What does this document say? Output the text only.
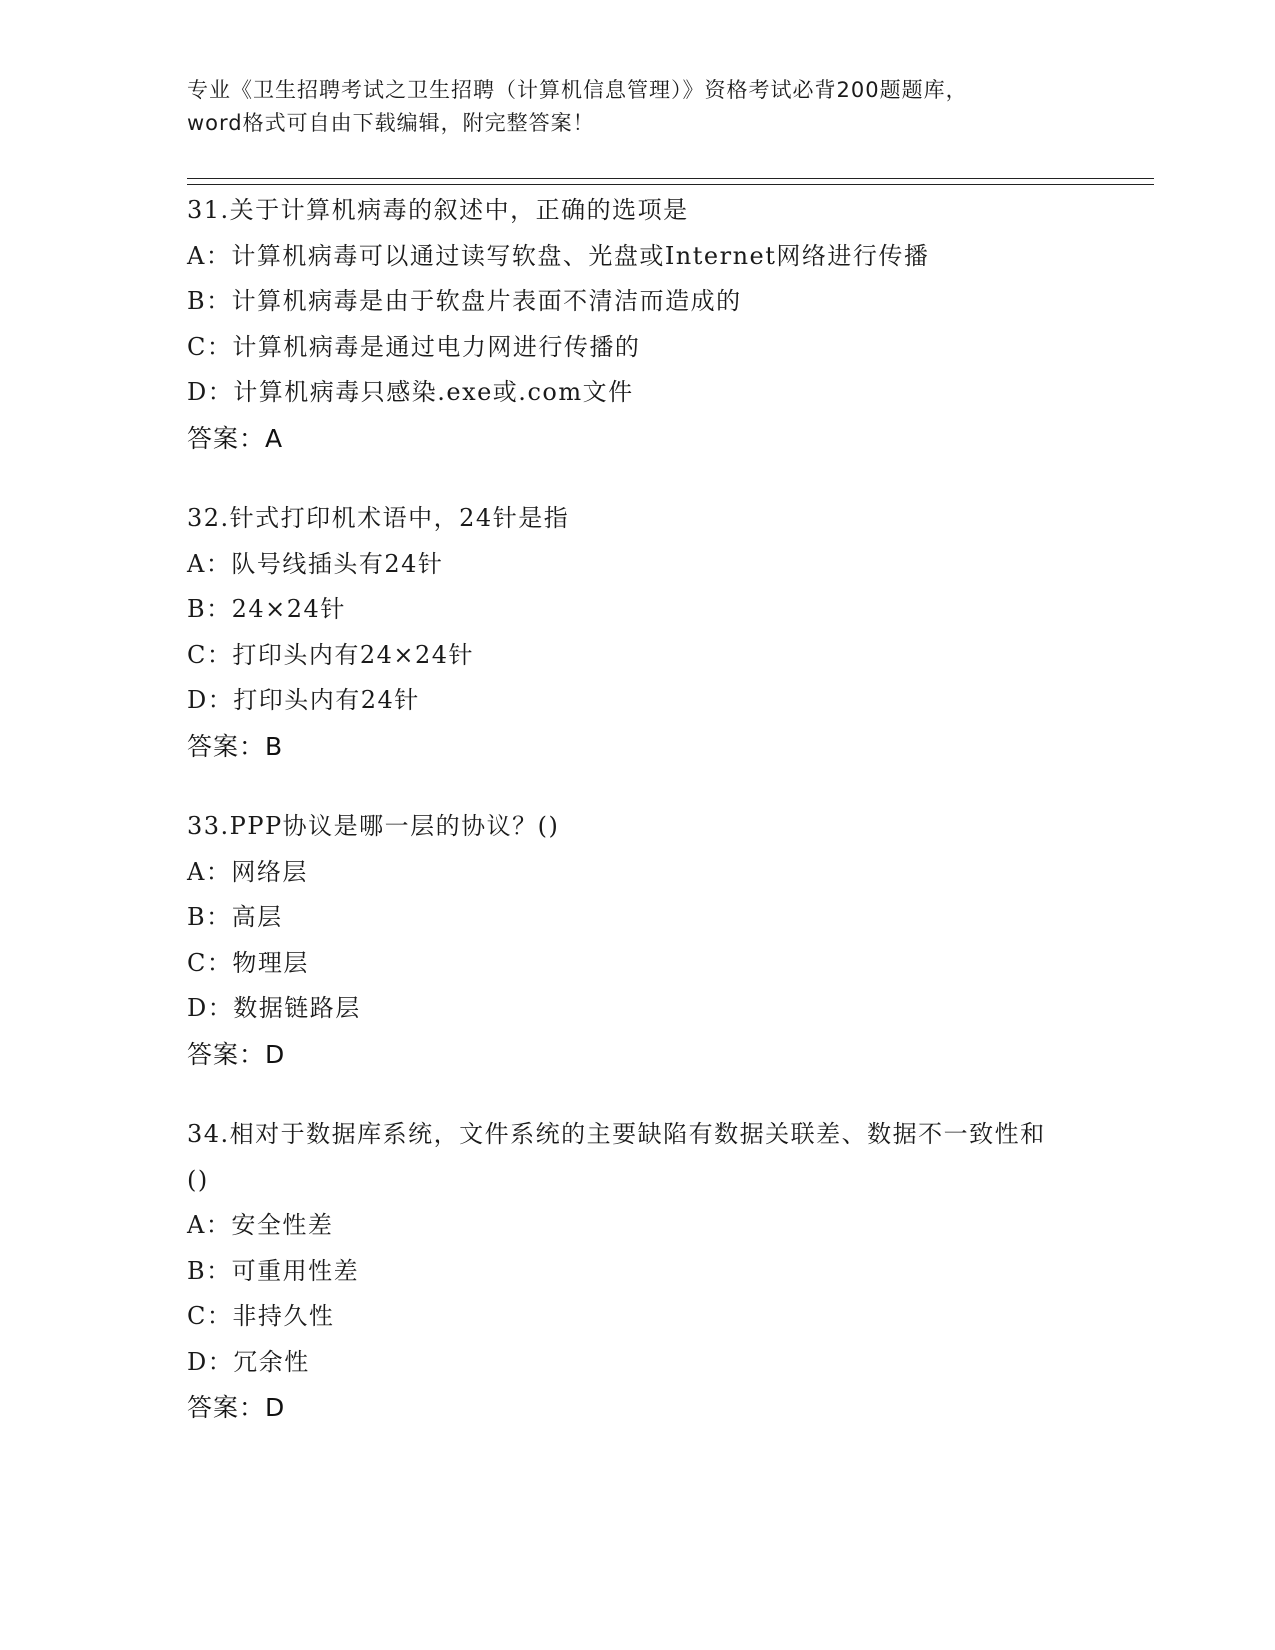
专业《卫生招聘考试之卫生招聘（计算机信息管理）》资格考试必背200题题库，
word格式可自由下载编辑，附完整答案！
31.关于计算机病毒的叙述中，正确的选项是
A：计算机病毒可以通过读写软盘、光盘或Internet网络进行传播
B：计算机病毒是由于软盘片表面不清洁而造成的
C：计算机病毒是通过电力网进行传播的
D：计算机病毒只感染.exe或.com文件
答案：A
32.针式打印机术语中，24针是指
A：队号线插头有24针
B：24×24针
C：打印头内有24×24针
D：打印头内有24针
答案：B
33.PPP协议是哪一层的协议？()
A：网络层
B：高层
C：物理层
D：数据链路层
答案：D
34.相对于数据库系统，文件系统的主要缺陷有数据关联差、数据不一致性和()
A：安全性差
B：可重用性差
C：非持久性
D：冗余性
答案：D
